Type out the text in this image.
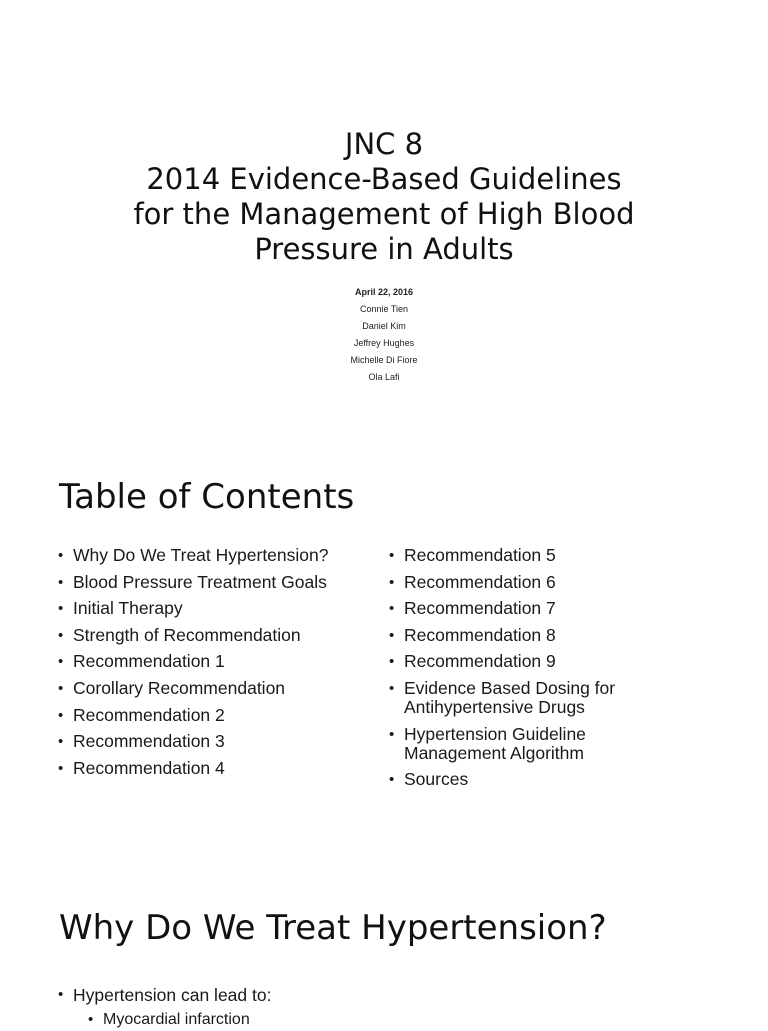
JNC 8
2014 Evidence-Based Guidelines
for the Management of High Blood
Pressure in Adults
April 22, 2016
Connie Tien
Daniel Kim
Jeffrey Hughes
Michelle Di Fiore
Ola Lafi
Table of Contents
• Why Do We Treat Hypertension?
• Blood Pressure Treatment Goals
• Initial Therapy
• Strength of Recommendation
• Recommendation 1
• Corollary Recommendation
• Recommendation 2
• Recommendation 3
• Recommendation 4
• Recommendation 5
• Recommendation 6
• Recommendation 7
• Recommendation 8
• Recommendation 9
• Evidence Based Dosing for Antihypertensive Drugs
• Hypertension Guideline Management Algorithm
• Sources
Why Do We Treat Hypertension?
• Hypertension can lead to:
• Myocardial infarction
